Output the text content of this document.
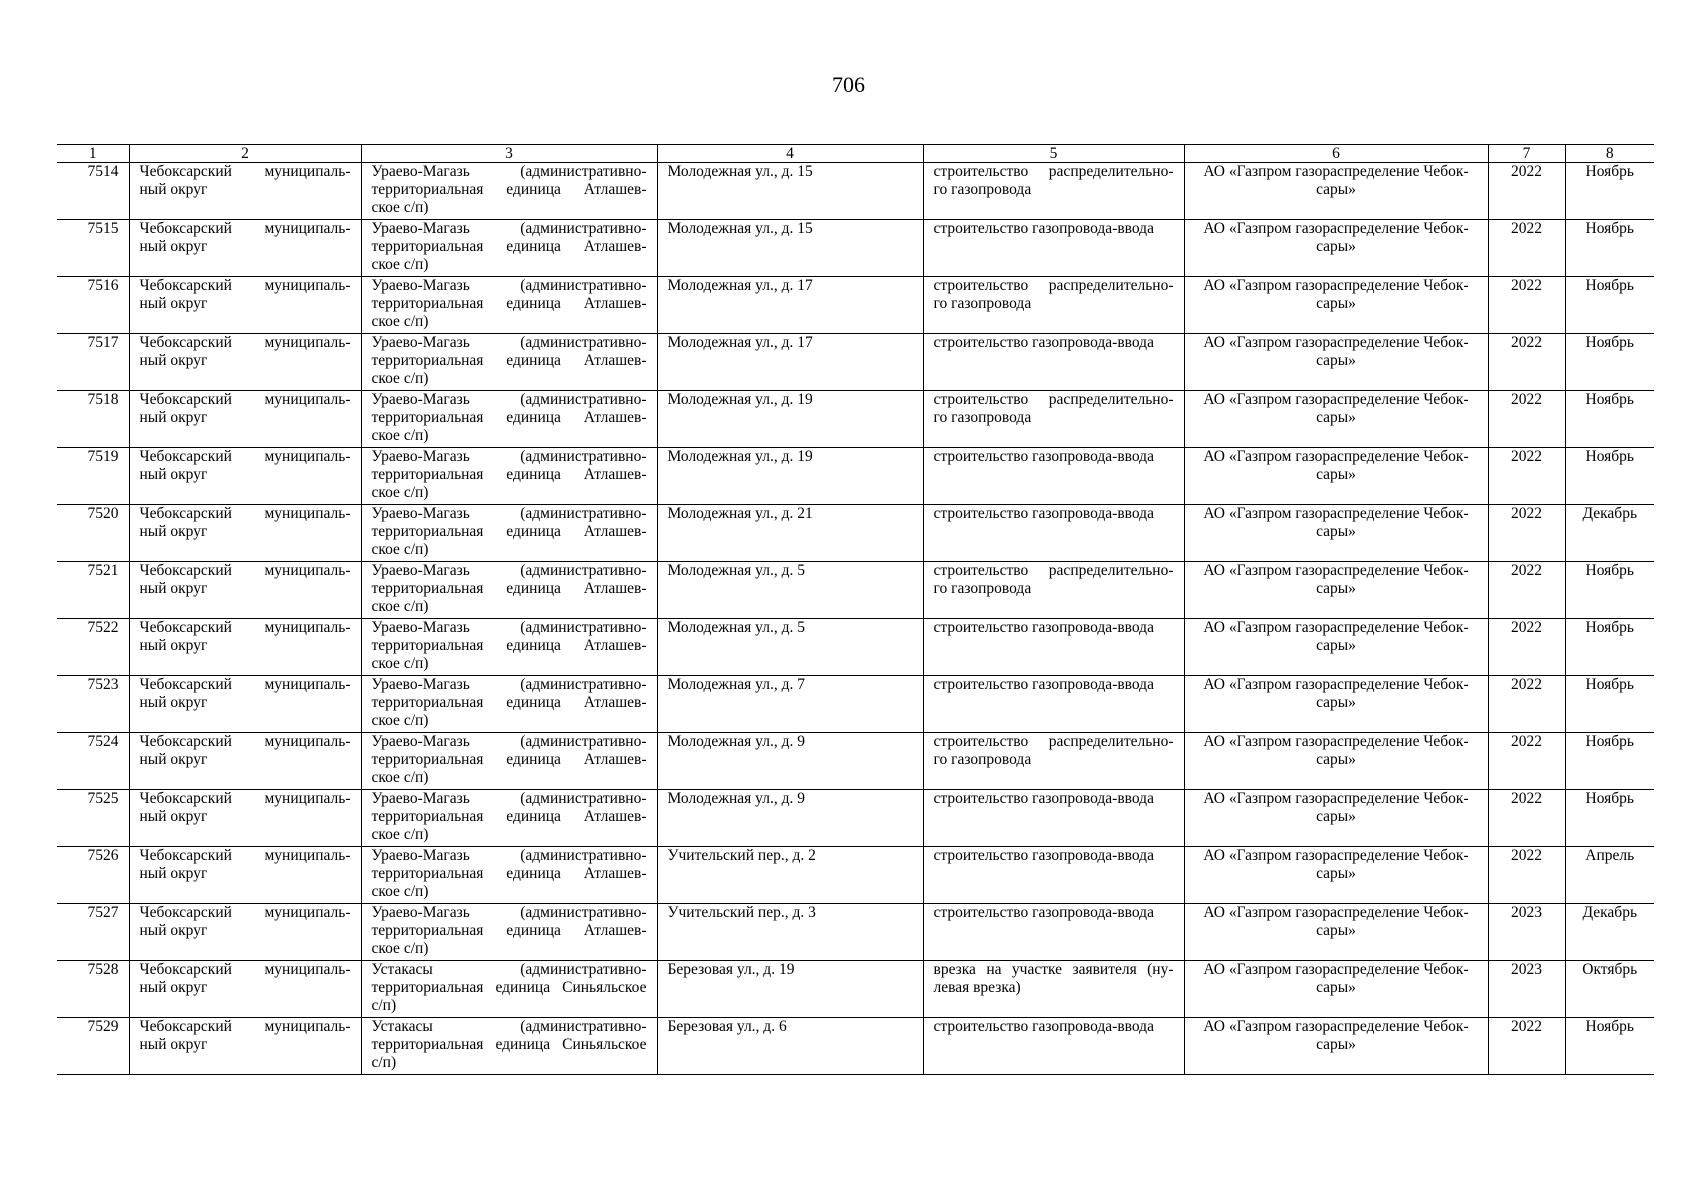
706
1	2	3	4	5	6	7	8
7514	Чебоксарский муниципаль-
ный округ	Ураево-Магазь (административно-
территориальная единица Атлашев-
ское с/п)	Молодежная ул., д. 15	строительство распределительно-
го газопровода	АО «Газпром газораспределение Чебок-
сары»	2022	Ноябрь
7515	Чебоксарский муниципаль-
ный округ	Ураево-Магазь (административно-
территориальная единица Атлашев-
ское с/п)	Молодежная ул., д. 15	строительство газопровода-ввода	АО «Газпром газораспределение Чебок-
сары»	2022	Ноябрь
7516	Чебоксарский муниципаль-
ный округ	Ураево-Магазь (административно-
территориальная единица Атлашев-
ское с/п)	Молодежная ул., д. 17	строительство распределительно-
го газопровода	АО «Газпром газораспределение Чебок-
сары»	2022	Ноябрь
7517	Чебоксарский муниципаль-
ный округ	Ураево-Магазь (административно-
территориальная единица Атлашев-
ское с/п)	Молодежная ул., д. 17	строительство газопровода-ввода	АО «Газпром газораспределение Чебок-
сары»	2022	Ноябрь
7518	Чебоксарский муниципаль-
ный округ	Ураево-Магазь (административно-
территориальная единица Атлашев-
ское с/п)	Молодежная ул., д. 19	строительство распределительно-
го газопровода	АО «Газпром газораспределение Чебок-
сары»	2022	Ноябрь
7519	Чебоксарский муниципаль-
ный округ	Ураево-Магазь (административно-
территориальная единица Атлашев-
ское с/п)	Молодежная ул., д. 19	строительство газопровода-ввода	АО «Газпром газораспределение Чебок-
сары»	2022	Ноябрь
7520	Чебоксарский муниципаль-
ный округ	Ураево-Магазь (административно-
территориальная единица Атлашев-
ское с/п)	Молодежная ул., д. 21	строительство газопровода-ввода	АО «Газпром газораспределение Чебок-
сары»	2022	Декабрь
7521	Чебоксарский муниципаль-
ный округ	Ураево-Магазь (административно-
территориальная единица Атлашев-
ское с/п)	Молодежная ул., д. 5	строительство распределительно-
го газопровода	АО «Газпром газораспределение Чебок-
сары»	2022	Ноябрь
7522	Чебоксарский муниципаль-
ный округ	Ураево-Магазь (административно-
территориальная единица Атлашев-
ское с/п)	Молодежная ул., д. 5	строительство газопровода-ввода	АО «Газпром газораспределение Чебок-
сары»	2022	Ноябрь
7523	Чебоксарский муниципаль-
ный округ	Ураево-Магазь (административно-
территориальная единица Атлашев-
ское с/п)	Молодежная ул., д. 7	строительство газопровода-ввода	АО «Газпром газораспределение Чебок-
сары»	2022	Ноябрь
7524	Чебоксарский муниципаль-
ный округ	Ураево-Магазь (административно-
территориальная единица Атлашев-
ское с/п)	Молодежная ул., д. 9	строительство распределительно-
го газопровода	АО «Газпром газораспределение Чебок-
сары»	2022	Ноябрь
7525	Чебоксарский муниципаль-
ный округ	Ураево-Магазь (административно-
территориальная единица Атлашев-
ское с/п)	Молодежная ул., д. 9	строительство газопровода-ввода	АО «Газпром газораспределение Чебок-
сары»	2022	Ноябрь
7526	Чебоксарский муниципаль-
ный округ	Ураево-Магазь (административно-
территориальная единица Атлашев-
ское с/п)	Учительский пер., д. 2	строительство газопровода-ввода	АО «Газпром газораспределение Чебок-
сары»	2022	Апрель
7527	Чебоксарский муниципаль-
ный округ	Ураево-Магазь (административно-
территориальная единица Атлашев-
ское с/п)	Учительский пер., д. 3	строительство газопровода-ввода	АО «Газпром газораспределение Чебок-
сары»	2023	Декабрь
7528	Чебоксарский муниципаль-
ный округ	Устакасы (административно-
территориальная единица Синьяльское
с/п)	Березовая ул., д. 19	врезка на участке заявителя (ну-
левая врезка)	АО «Газпром газораспределение Чебок-
сары»	2023	Октябрь
7529	Чебоксарский муниципаль-
ный округ	Устакасы (административно-
территориальная единица Синьяльское
с/п)	Березовая ул., д. 6	строительство газопровода-ввода	АО «Газпром газораспределение Чебок-
сары»	2022	Ноябрь
